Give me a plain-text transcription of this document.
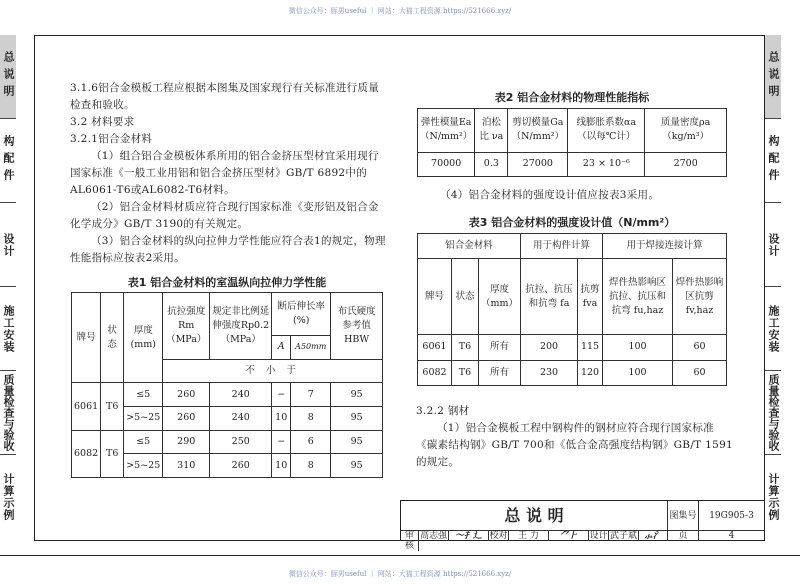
微信公众号：豚男useful ｜ 网站：大猫工程资源 https://521666.xyz/
微信公众号：豚男useful ｜ 网站：大猫工程资源 https://521666.xyz/
总说明
构配件
设计
施工安装
质量检查与验收
计算示例
总说明
构配件
设计
施工安装
质量检查与验收
计算示例

3.1.6铝合金模板工程应根据本图集及国家现行有关标准进行质量检查和验收。

3.2 材料要求

3.2.1铝合金材料

（1）组合铝合金模板体系所用的铝合金挤压型材宜采用现行国家标准《一般工业用铝和铝合金挤压型材》GB/T 6892中的 AL6061-T6或AL6082-T6材料。

（2）铝合金材料材质应符合现行国家标准《变形铝及铝合金化学成分》GB/T 3190的有关规定。

（3）铝合金材料的纵向拉伸力学性能应符合表1的规定，物理性能指标应按表2采用。

表1 铝合金材料的室温纵向拉伸力学性能
牌号	状态	厚度(mm)	抗拉强度 Rm （MPa）	规定非比例延伸强度Rp0.2 （MPa）	断后伸长率 (%)		布氏硬度参考值 HBW
					A	A50mm	
			不 小 于				
6061	T6	≤5	260	240	−	7	95
		>5~25	260	240	10	8	95
6082	T6	≤5	290	250	−	6	95
		>5~25	310	260	10	8	95
表2 铝合金材料的物理性能指标
弹性模量Ea （N/mm²）	泊松比 νa	剪切模量Ga （N/mm²）	线膨胀系数αa （以每℃计）	质量密度ρa （kg/m³）
70000	0.3	27000	23 × 10⁻⁶	2700
（4）铝合金材料的强度设计值应按表3采用。
表3 铝合金材料的强度设计值（N/mm²）
铝合金材料			用于构件计算		用于焊接连接计算	
牌号	状态	厚度（mm）	抗拉、抗压和抗弯 fa	抗剪 fva	焊件热影响区抗拉、抗压和抗弯 fu,haz	焊件热影响区抗剪 fv,haz
6061	T6	所有	200	115	100	60
6082	T6	所有	230	120	100	60

3.2.2 钢材

（1）铝合金模板工程中钢构件的钢材应符合现行国家标准《碳素结构钢》GB/T 700和《低合金高强度结构钢》GB/T 1591的规定。

总 说 明	图集号	19G905-3
审核
高志强 〜⺘⻌ 校对	王 力	⺈⺊	设计 武子斌 ⺗⺡	页	4
